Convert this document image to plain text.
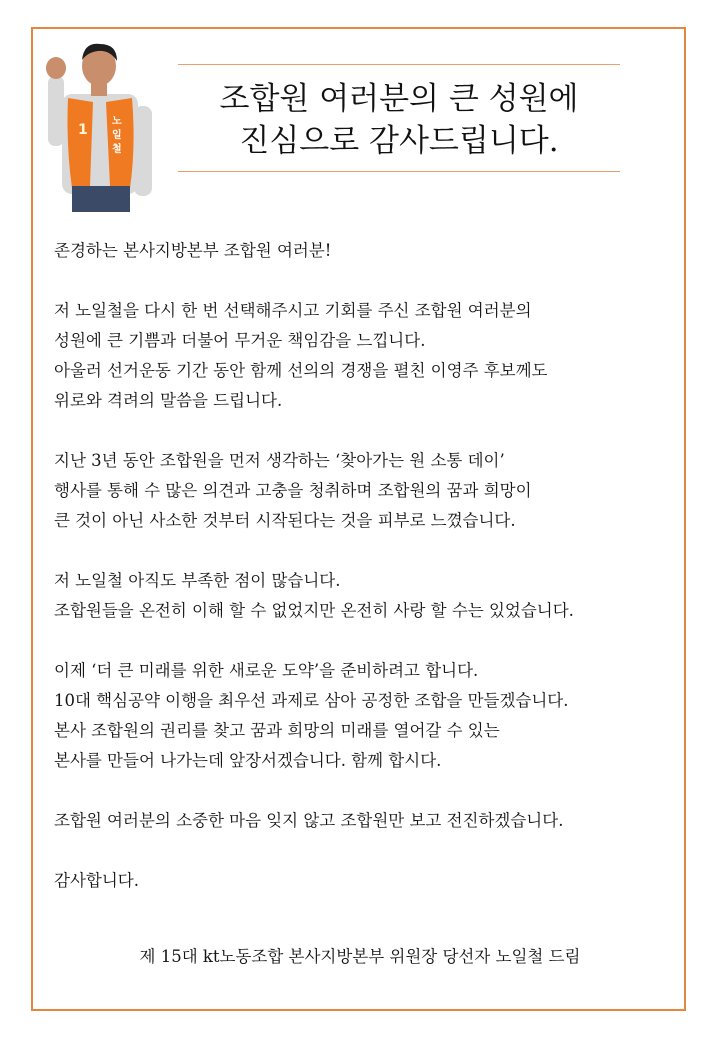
1
노
일
철
조합원 여러분의 큰 성원에
진심으로 감사드립니다.

존경하는 본사지방본부 조합원 여러분!

저 노일철을 다시 한 번 선택해주시고 기회를 주신 조합원 여러분의
성원에 큰 기쁨과 더불어 무거운 책임감을 느낍니다.
아울러 선거운동 기간 동안 함께 선의의 경쟁을 펼친 이영주 후보께도
위로와 격려의 말씀을 드립니다.

지난 3년 동안 조합원을 먼저 생각하는 ‘찾아가는 원 소통 데이’
행사를 통해 수 많은 의견과 고충을 청취하며 조합원의 꿈과 희망이
큰 것이 아닌 사소한 것부터 시작된다는 것을 피부로 느꼈습니다.

저 노일철 아직도 부족한 점이 많습니다.
조합원들을 온전히 이해 할 수 없었지만 온전히 사랑 할 수는 있었습니다.

이제 ‘더 큰 미래를 위한 새로운 도약’을 준비하려고 합니다.
10대 핵심공약 이행을 최우선 과제로 삼아 공정한 조합을 만들겠습니다.
본사 조합원의 권리를 찾고 꿈과 희망의 미래를 열어갈 수 있는
본사를 만들어 나가는데 앞장서겠습니다. 함께 합시다.

조합원 여러분의 소중한 마음 잊지 않고 조합원만 보고 전진하겠습니다.

감사합니다.

제 15대 kt노동조합 본사지방본부 위원장 당선자 노일철 드림
